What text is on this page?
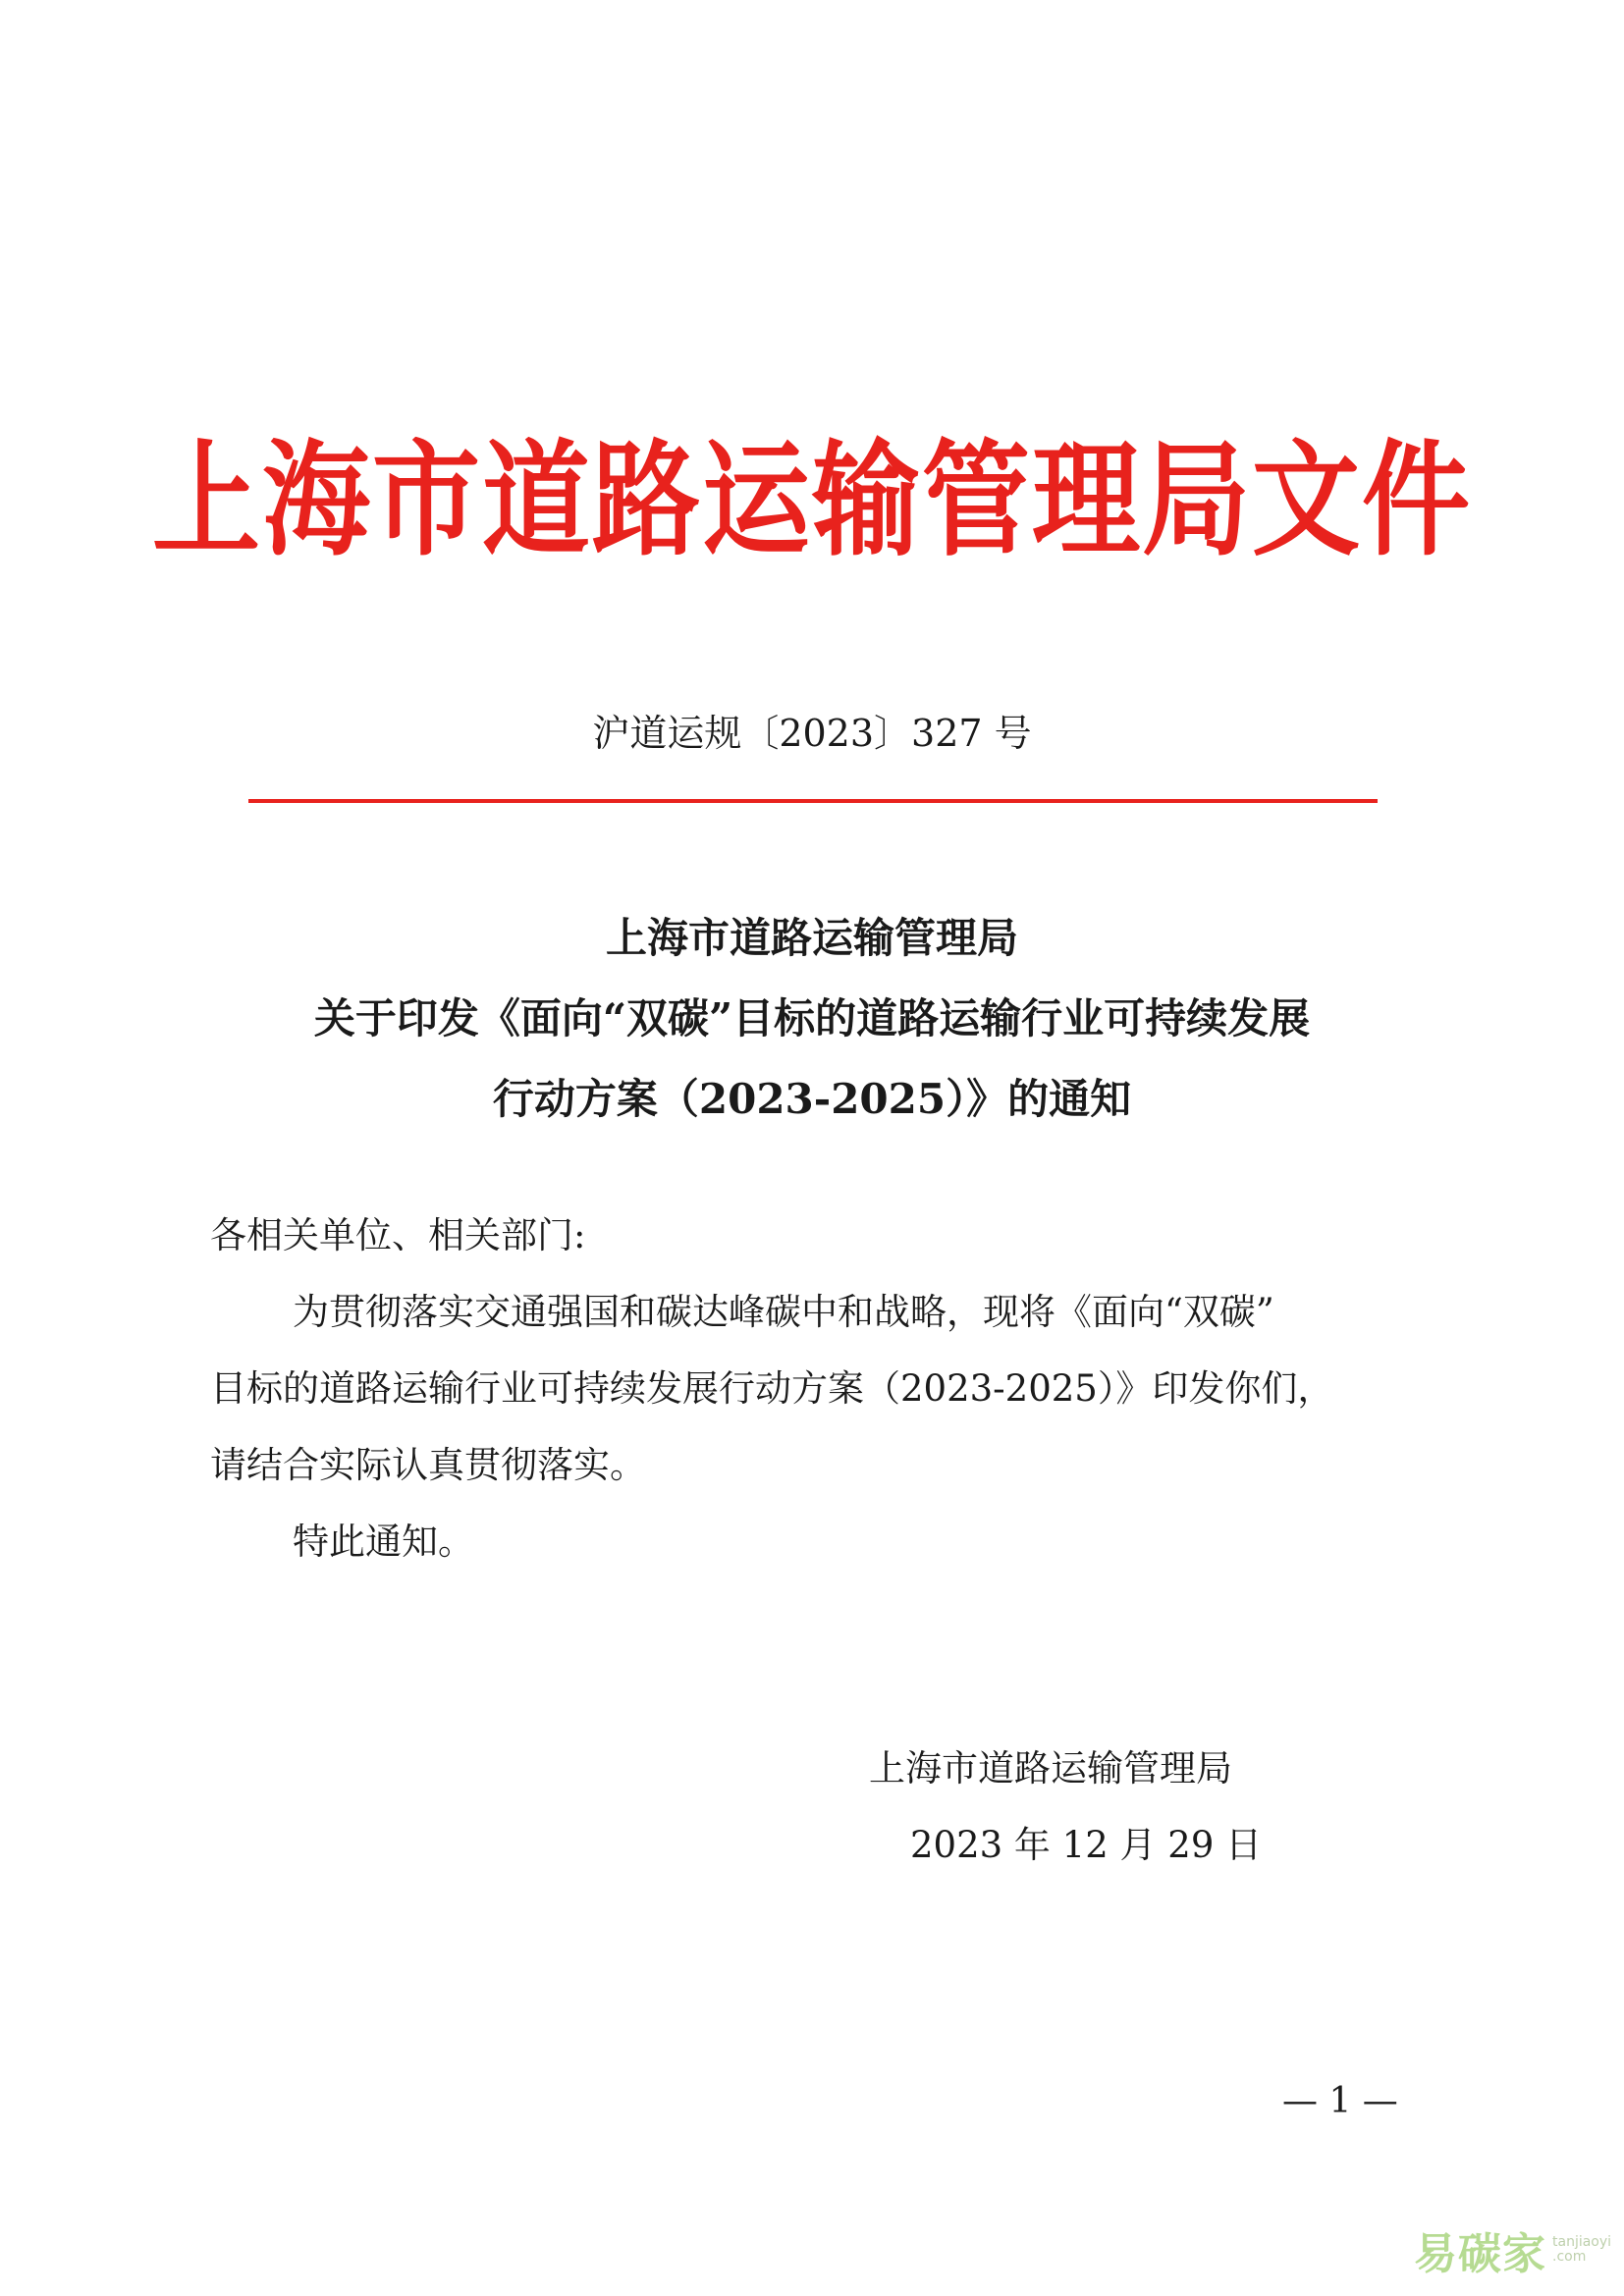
上海市道路运输管理局文件
沪道运规〔2023〕327 号
上海市道路运输管理局
关于印发《面向“双碳”目标的道路运输行业可持续发展
行动方案（2023-2025）》的通知
各相关单位、相关部门:
为贯彻落实交通强国和碳达峰碳中和战略，现将《面向“双碳”
目标的道路运输行业可持续发展行动方案（2023-2025）》印发你们，
请结合实际认真贯彻落实。
特此通知。
上海市道路运输管理局
2023 年 12 月 29 日
— 1 —
易碳家 tanjiaoyi
.com
